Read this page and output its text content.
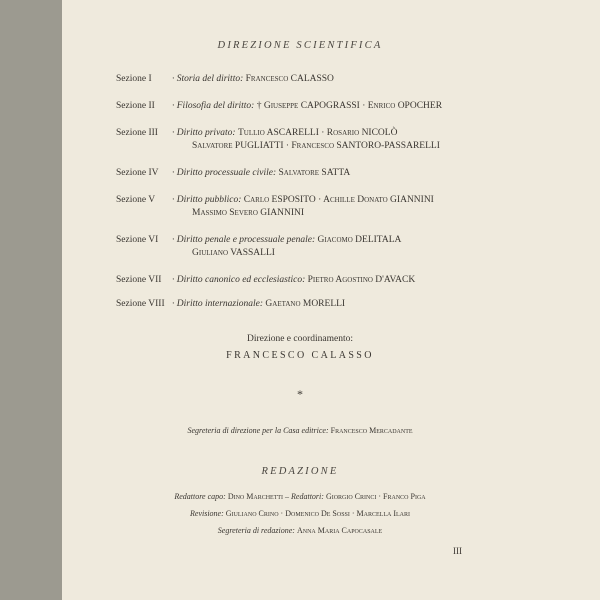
DIREZIONE SCIENTIFICA
Sezione I · Storia del diritto: Francesco CALASSO
Sezione II · Filosofia del diritto: † Giuseppe CAPOGRASSI · Enrico OPOCHER
Sezione III · Diritto privato: Tullio ASCARELLI · Rosario NICOLÒ
Salvatore PUGLIATTI · Francesco SANTORO-PASSARELLI
Sezione IV · Diritto processuale civile: Salvatore SATTA
Sezione V · Diritto pubblico: Carlo ESPOSITO · Achille Donato GIANNINI
Massimo Severo GIANNINI
Sezione VI · Diritto penale e processuale penale: Giacomo DELITALA
Giuliano VASSALLI
Sezione VII · Diritto canonico ed ecclesiastico: Pietro Agostino D'AVACK
Sezione VIII · Diritto internazionale: Gaetano MORELLI
Direzione e coordinamento:
FRANCESCO CALASSO
*
Segreteria di direzione per la Casa editrice: Francesco Mercadante
REDAZIONE
Redattore capo: Dino Marchetti – Redattori: Giorgio Crinci · Franco Piga
Revisione: Giuliano Crino · Domenico De Sossi · Marcella Ilari
Segreteria di redazione: Anna Maria Capocasale
III
